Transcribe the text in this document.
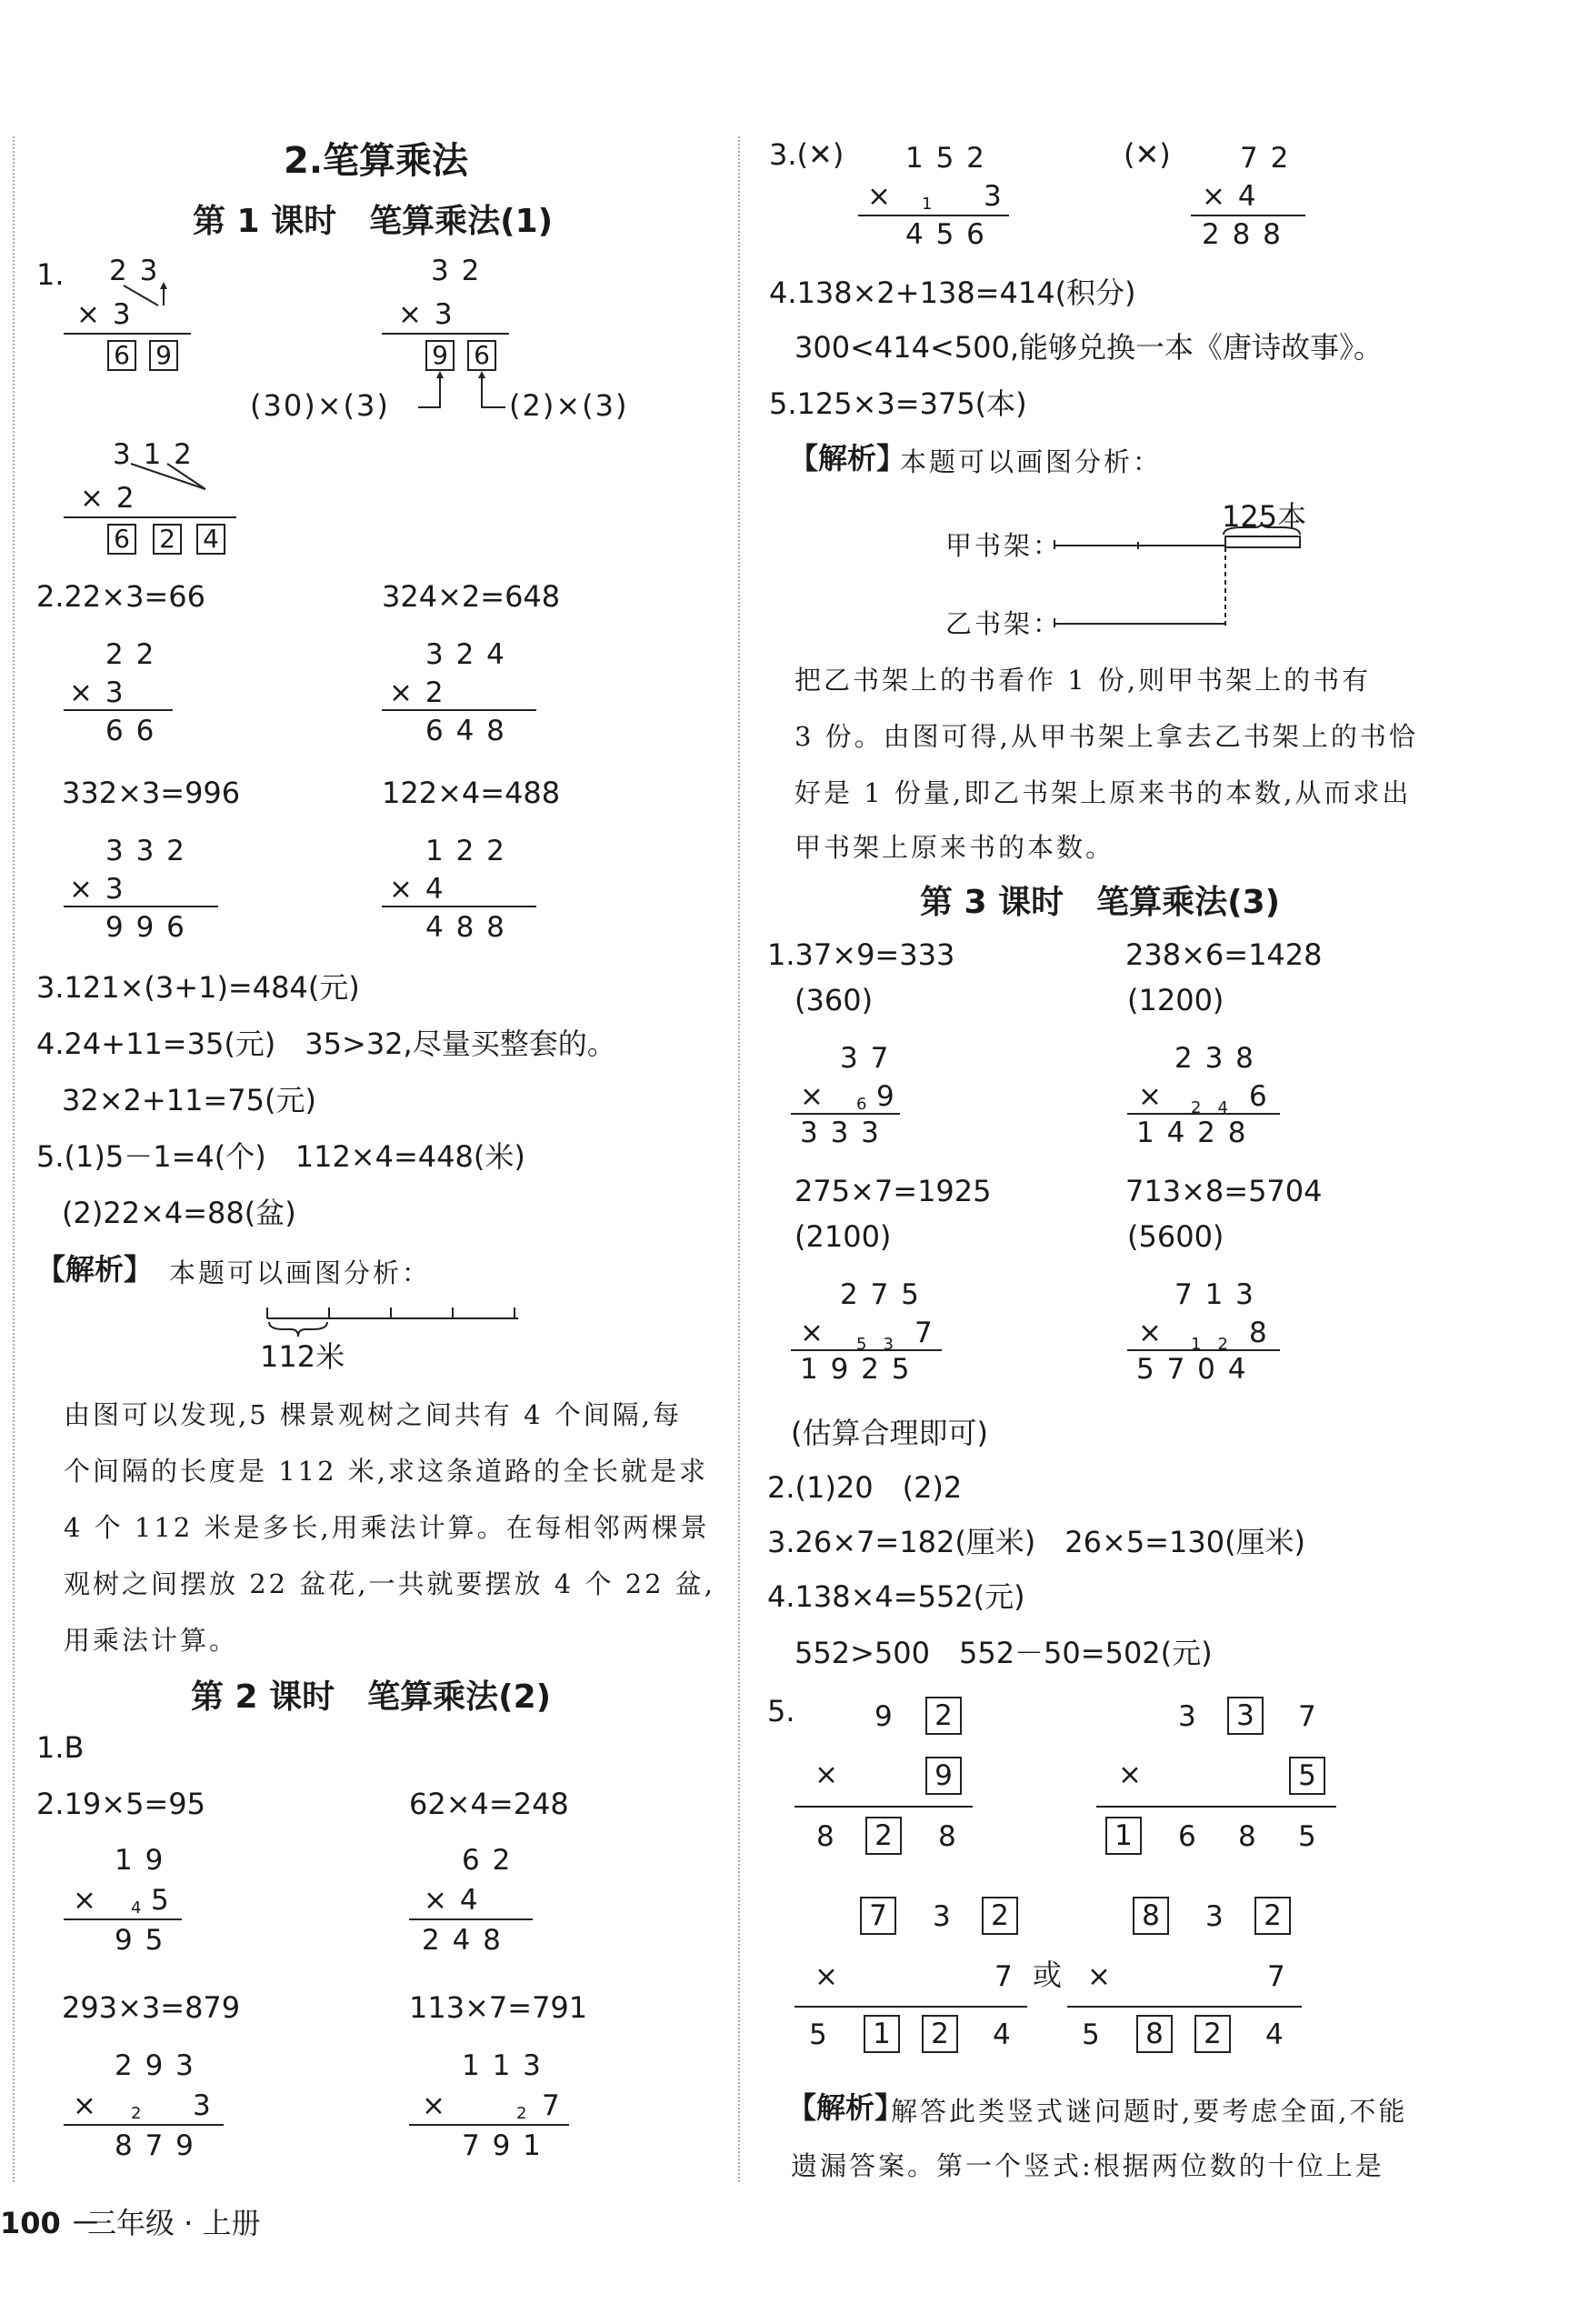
2.笔算乘法
第 1 课时　笔算乘法(1)
1. 2 3
× 3
6 9
3 2
× 3
9 6
(30)×(3)	(2)×(3)
3 1 2
× 2
6 2 4
2.22×3=66
2 2
× 3
6 6
324×2=648
3 2 4
× 2
6 4 8
332×3=996
3 3 2
× 3
9 9 6
122×4=488
1 2 2
× 4
4 8 8
3.121×(3+1)=484(元)
4.24+11=35(元)　35>32,尽量买整套的。
32×2+11=75(元)
5.(1)5－1=4(个)　112×4=448(米)
(2)22×4=88(盆)
【解析】 本题可以画图分析：
112米
由图可以发现,5 棵景观树之间共有 4 个间隔,每
个间隔的长度是 112 米,求这条道路的全长就是求
4 个 112 米是多长,用乘法计算。在每相邻两棵景
观树之间摆放 22 盆花,一共就要摆放 4 个 22 盆,
用乘法计算。
第 2 课时　笔算乘法(2)
1.B
2.19×5=95
1 9
× 4 5
9 5
62×4=248
6 2
× 4
2 4 8
293×3=879
2 9 3
× 2 3
8 7 9
113×7=791
1 1 3
×	2 7
7 9 1
100 －
三年级 · 上册
3.(✕) 1 5 2
× 1 3
4 5 6
(✕) 7 2
× 4
2 8 8
4.138×2+138=414(积分)
300<414<500,能够兑换一本《唐诗故事》。
5.125×3=375(本)
【解析】
本题可以画图分析：
125本
甲书架：
乙书架：
把乙书架上的书看作 1 份,则甲书架上的书有
3 份。由图可得,从甲书架上拿去乙书架上的书恰
好是 1 份量,即乙书架上原来书的本数,从而求出
甲书架上原来书的本数。
第 3 课时　笔算乘法(3)
1.37×9=333
(360)
3 7
× 6 9
3 3 3
238×6=1428
(1200)
2 3 8
× 2　4 6
1 4 2 8
275×7=1925
(2100)
2 7 5
× 5　3 7
1 9 2 5
713×8=5704
(5600)
7 1 3
× 1　2 8
5 7 0 4
(估算合理即可)
2.(1)20　(2)2
3.26×7=182(厘米)　26×5=130(厘米)
4.138×4=552(元)
552>500　552－50=502(元)
5.	9	2
×	9
8	2	8
3	3	7
×	5
1	6 8 5
7	3	2
×	7
5	1	2	4
或
8	3	2
×	7
5	8	2	4
【解析】
解答此类竖式谜问题时,要考虑全面,不能
遗漏答案。第一个竖式:根据两位数的十位上是
